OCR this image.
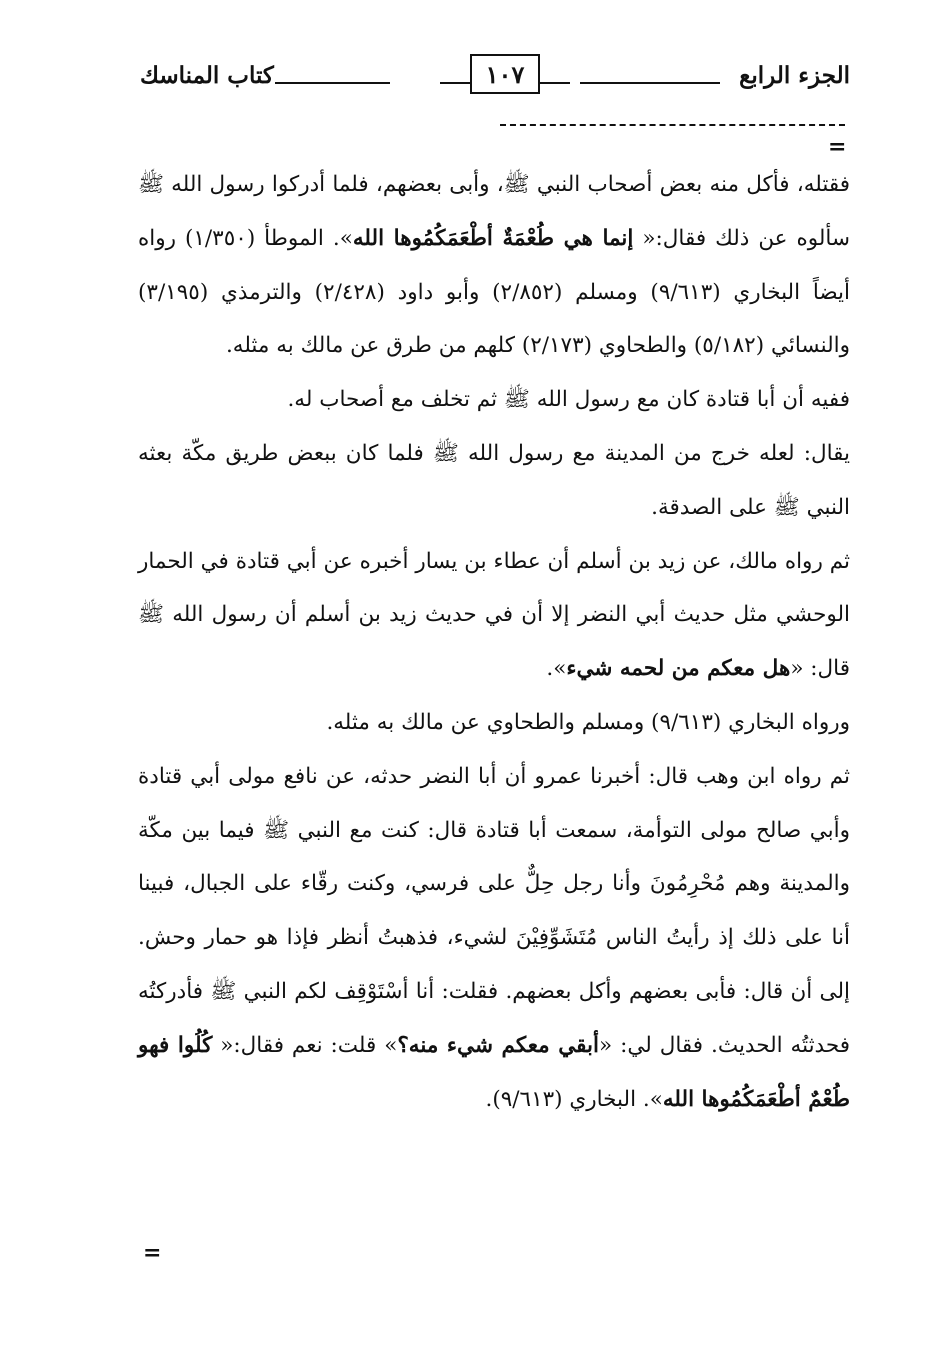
الجزء الرابع
١٠٧
كتاب المناسك
=

فقتله، فأكل منه بعض أصحاب النبي ﷺ، وأبى بعضهم، فلما أدركوا رسول الله ﷺ سألوه عن ذلك فقال:« إنما هي طُعْمَةٌ أطْعَمَكُمُوها الله». الموطأ (١/٣٥٠) رواه أيضاً البخاري (٩/٦١٣) ومسلم (٢/٨٥٢) وأبو داود (٢/٤٢٨) والترمذي (٣/١٩٥) والنسائي (٥/١٨٢) والطحاوي (٢/١٧٣) كلهم من طرق عن مالك به مثله.

ففيه أن أبا قتادة كان مع رسول الله ﷺ ثم تخلف مع أصحاب له.

يقال: لعله خرج من المدينة مع رسول الله ﷺ فلما كان ببعض طريق مكّة بعثه النبي ﷺ على الصدقة.

ثم رواه مالك، عن زيد بن أسلم أن عطاء بن يسار أخبره عن أبي قتادة في الحمار الوحشي مثل حديث أبي النضر إلا أن في حديث زيد بن أسلم أن رسول الله ﷺ قال: «هل معكم من لحمه شيء».

ورواه البخاري (٩/٦١٣) ومسلم والطحاوي عن مالك به مثله.

ثم رواه ابن وهب قال: أخبرنا عمرو أن أبا النضر حدثه، عن نافع مولى أبي قتادة وأبي صالح مولى التوأمة، سمعت أبا قتادة قال: كنت مع النبي ﷺ فيما بين مكّة والمدينة وهم مُحْرِمُونَ وأنا رجل حِلٌّ على فرسي، وكنت رقّاء على الجبال، فبينا أنا على ذلك إذ رأيتُ الناس مُتَشَوِّفِيْنَ لشيء، فذهبتُ أنظر فإذا هو حمار وحش. إلى أن قال: فأبى بعضهم وأكل بعضهم. فقلت: أنا أسْتَوْقِف لكم النبي ﷺ فأدركتُه فحدثتُه الحديث. فقال لي: «أبقي معكم شيء منه؟» قلت: نعم فقال:« كُلُوا فهو طُعْمٌ أطْعَمَكُمُوها الله». البخاري (٩/٦١٣).

=
